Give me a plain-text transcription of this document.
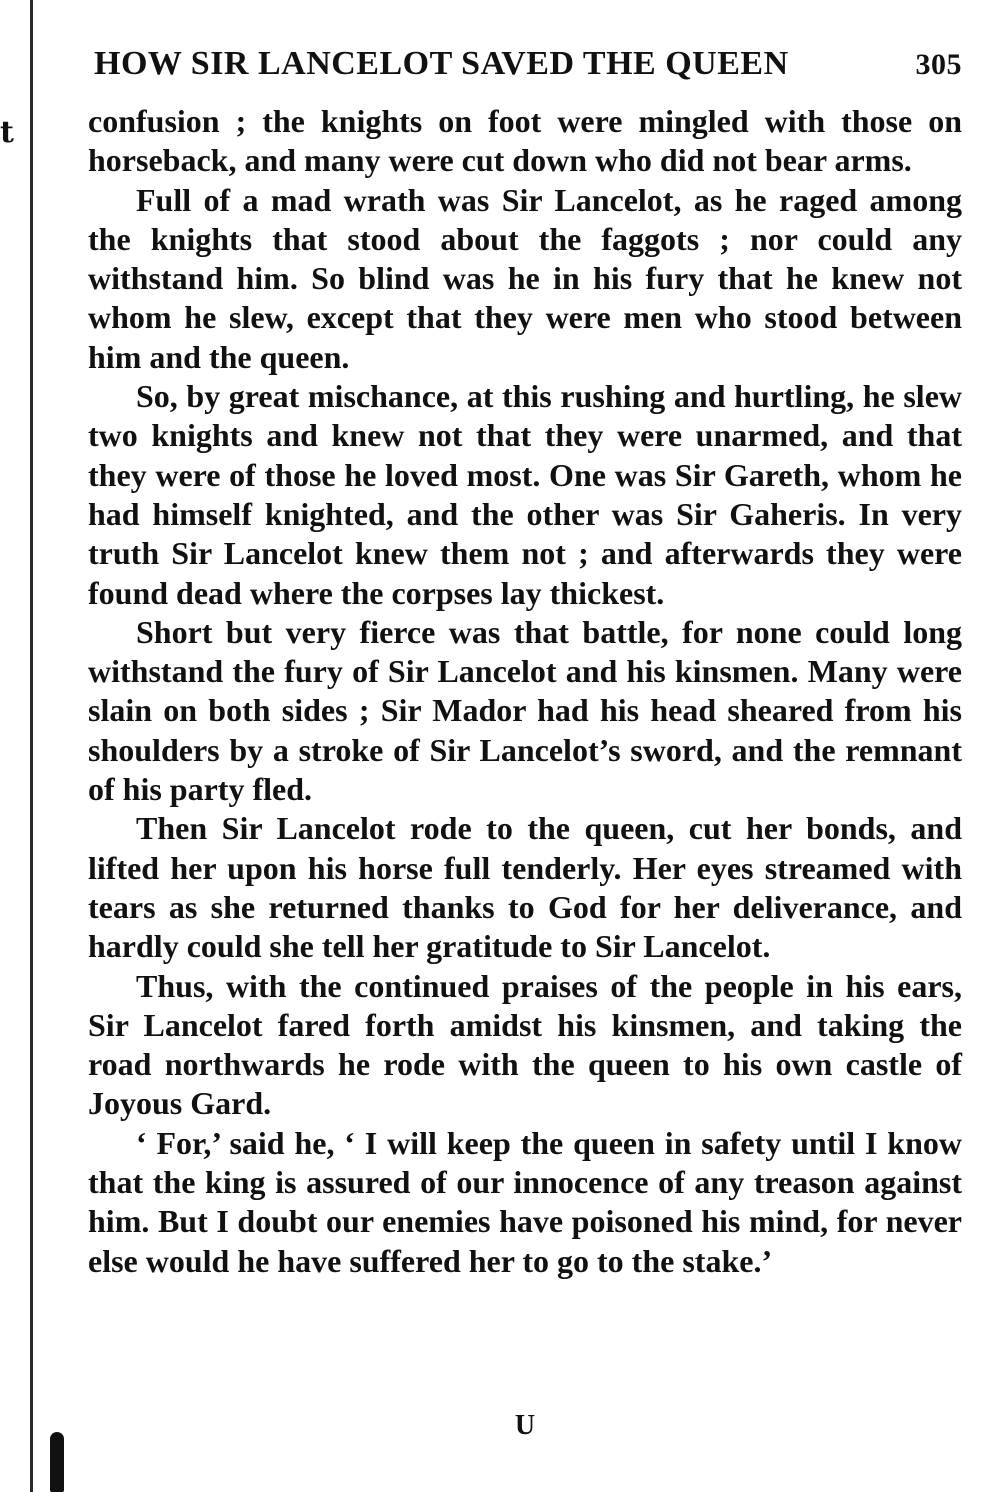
t
HOW SIR LANCELOT SAVED THE QUEEN	305

confusion ; the knights on foot were mingled with those on horseback, and many were cut down who did not bear arms.

Full of a mad wrath was Sir Lancelot, as he raged among the knights that stood about the faggots ; nor could any withstand him. So blind was he in his fury that he knew not whom he slew, except that they were men who stood between him and the queen.

So, by great mischance, at this rushing and hurtling, he slew two knights and knew not that they were unarmed, and that they were of those he loved most. One was Sir Gareth, whom he had himself knighted, and the other was Sir Gaheris. In very truth Sir Lancelot knew them not ; and afterwards they were found dead where the corpses lay thickest.

Short but very fierce was that battle, for none could long withstand the fury of Sir Lancelot and his kinsmen. Many were slain on both sides ; Sir Mador had his head sheared from his shoulders by a stroke of Sir Lancelot’s sword, and the remnant of his party fled.

Then Sir Lancelot rode to the queen, cut her bonds, and lifted her upon his horse full tenderly. Her eyes streamed with tears as she returned thanks to God for her deliverance, and hardly could she tell her gratitude to Sir Lancelot.

Thus, with the continued praises of the people in his ears, Sir Lancelot fared forth amidst his kinsmen, and taking the road northwards he rode with the queen to his own castle of Joyous Gard.

‘ For,’ said he, ‘ I will keep the queen in safety until I know that the king is assured of our innocence of any treason against him. But I doubt our enemies have poisoned his mind, for never else would he have suffered her to go to the stake.’

U
